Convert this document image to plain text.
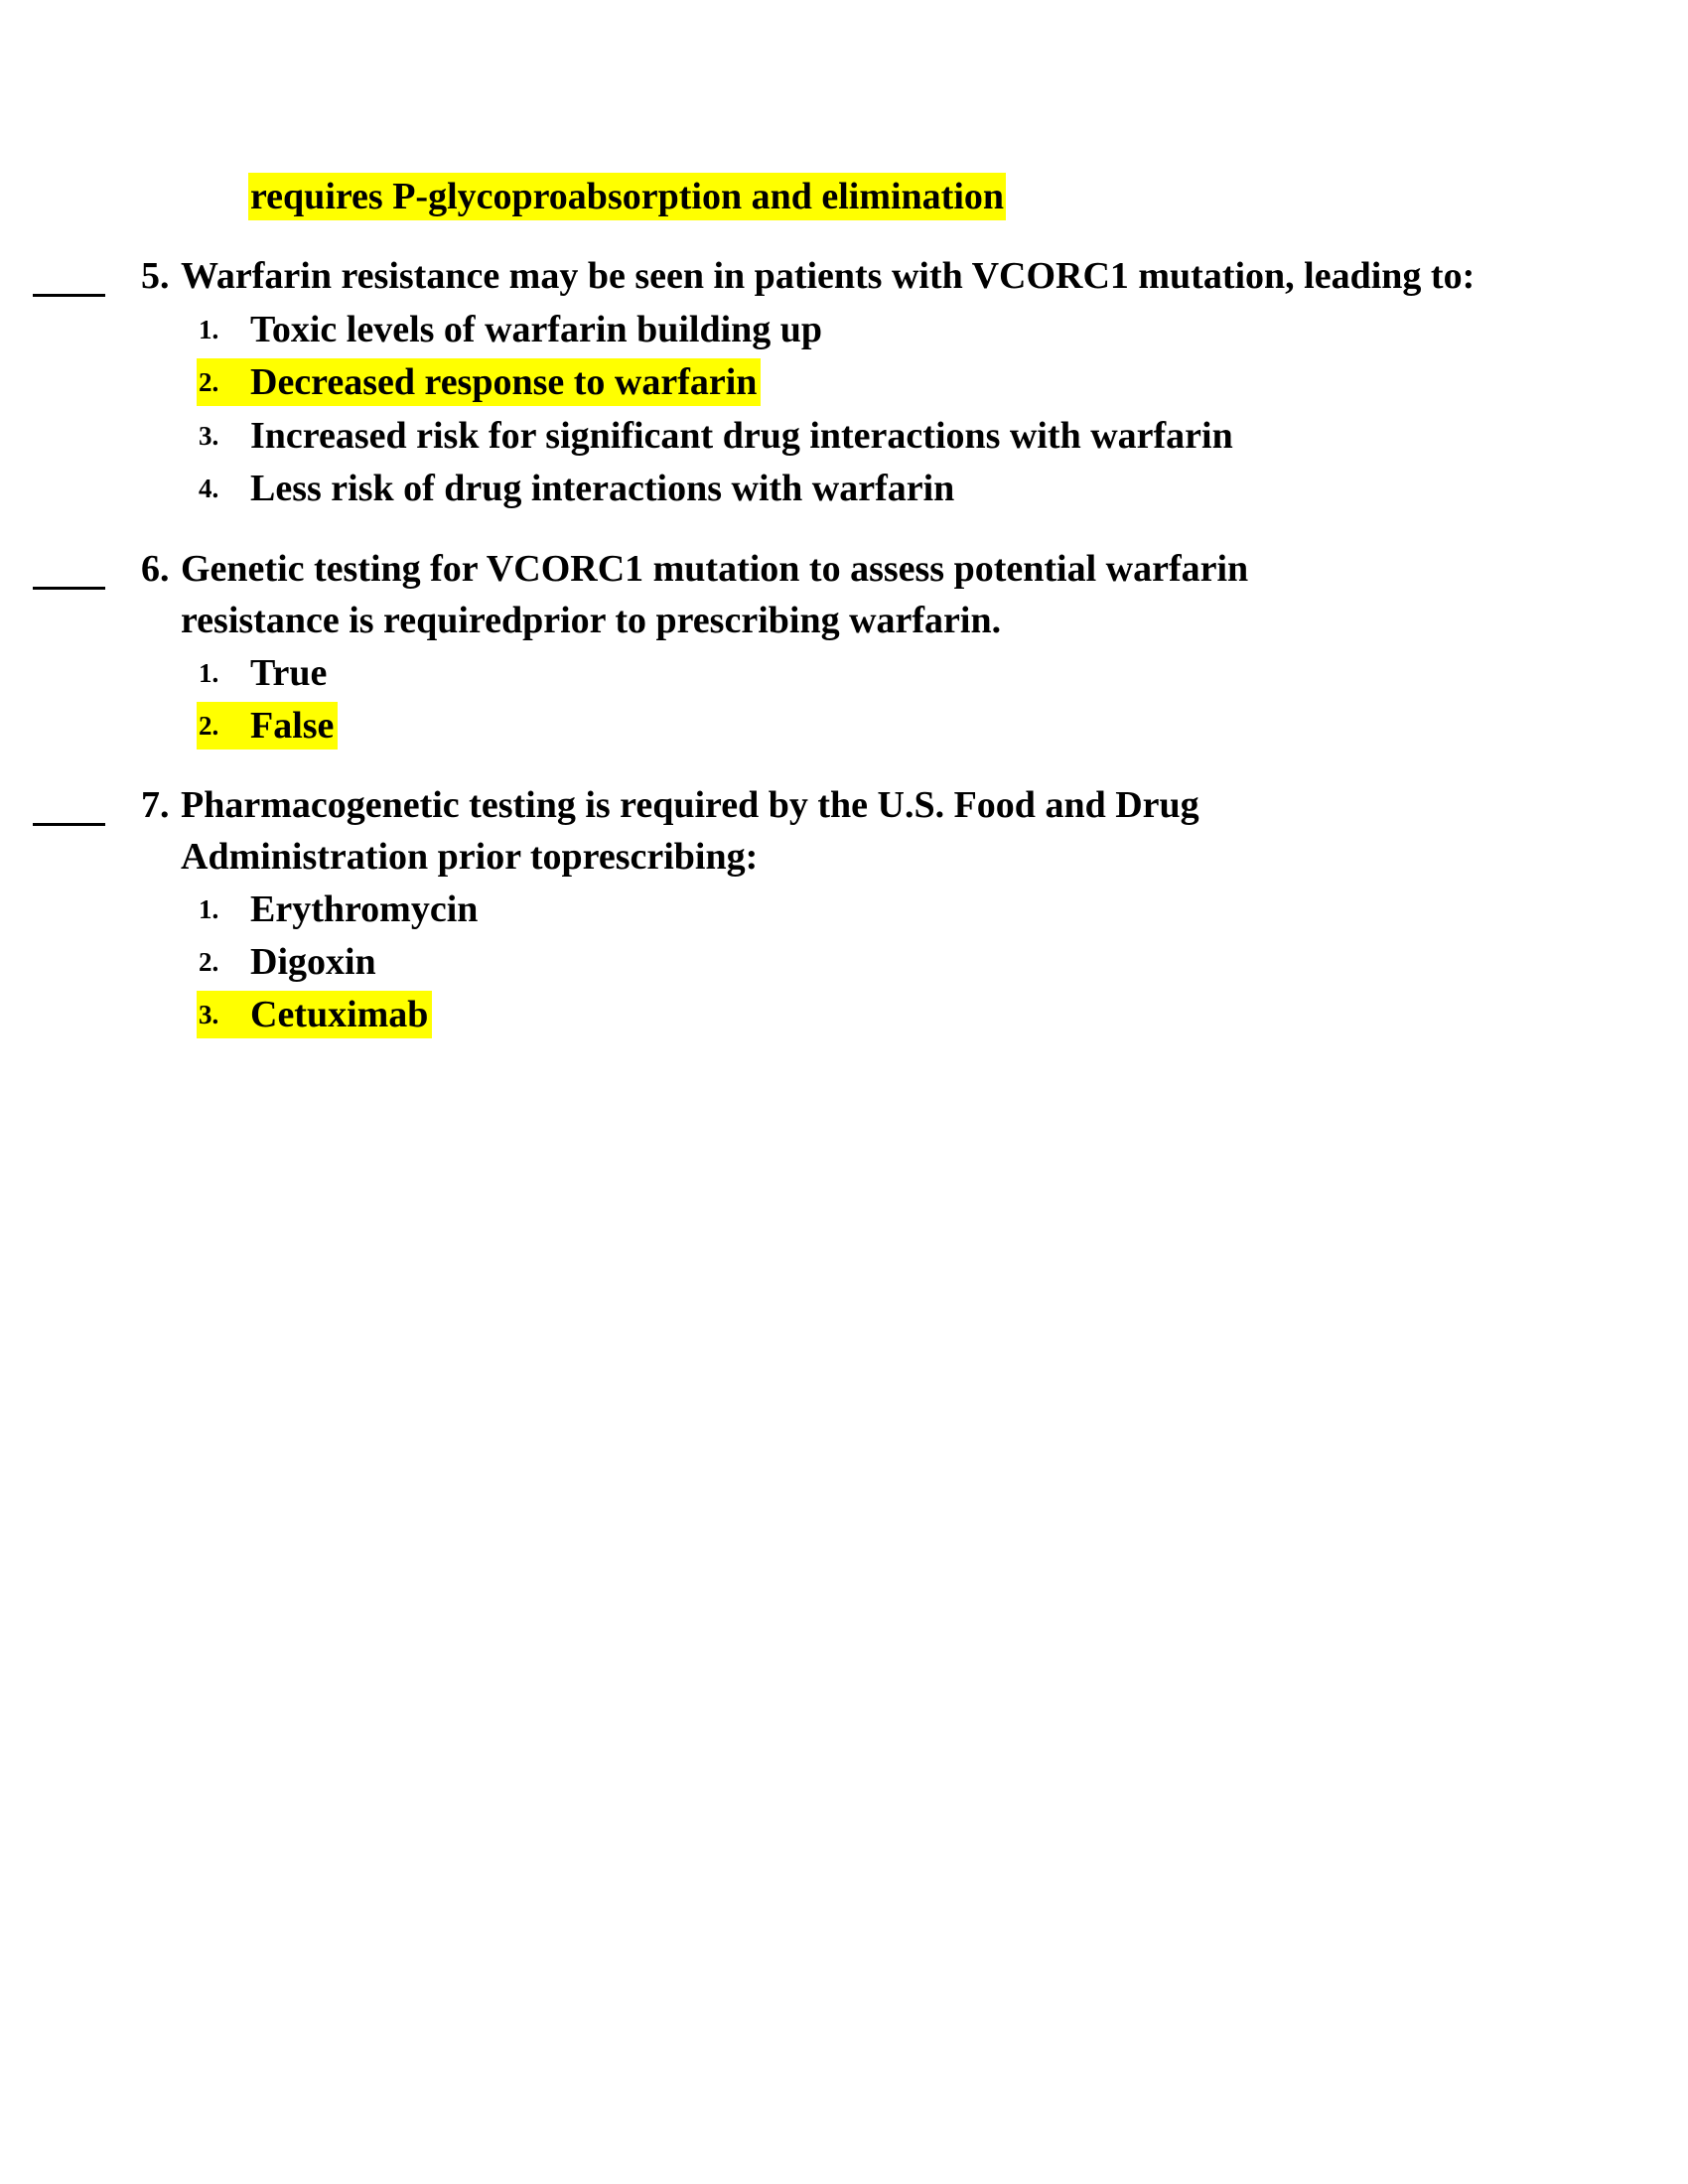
requires P-glycoproabsorption and elimination
5. Warfarin resistance may be seen in patients with VCORC1 mutation, leading to:
1. Toxic levels of warfarin building up
2. Decreased response to warfarin
3. Increased risk for significant drug interactions with warfarin
4. Less risk of drug interactions with warfarin
6. Genetic testing for VCORC1 mutation to assess potential warfarin
resistance is requiredprior to prescribing warfarin.
1. True
2. False
7. Pharmacogenetic testing is required by the U.S. Food and Drug
Administration prior toprescribing:
1. Erythromycin
2. Digoxin
3. Cetuximab
